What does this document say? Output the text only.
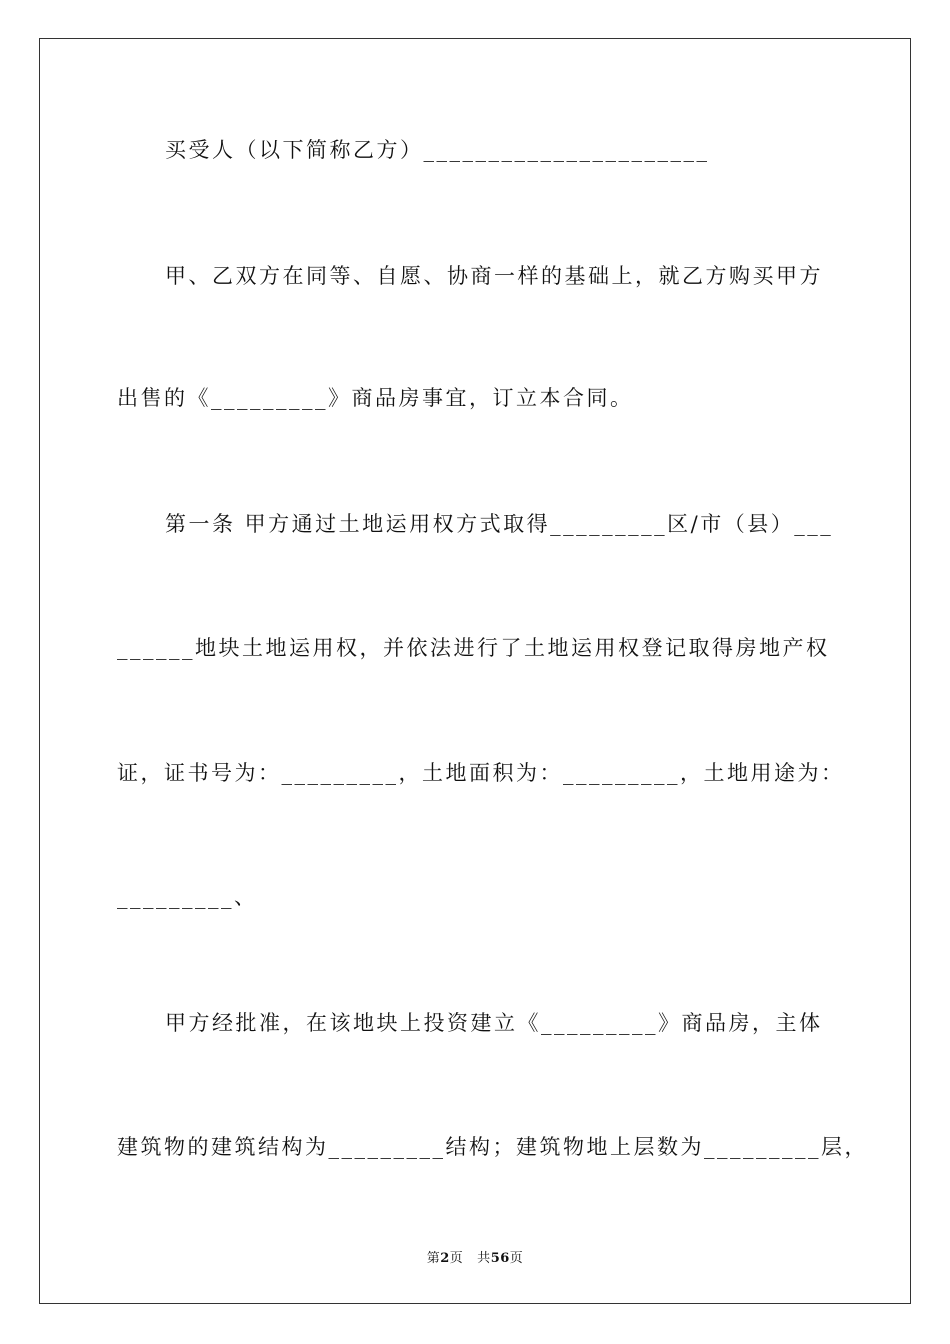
买受人（以下简称乙方）______________________
甲、乙双方在同等、自愿、协商一样的基础上，就乙方购买甲方
出售的《_________》商品房事宜，订立本合同。
第一条 甲方通过土地运用权方式取得_________区/市（县）___
______地块土地运用权，并依法进行了土地运用权登记取得房地产权
证，证书号为：_________，土地面积为：_________，土地用途为：
_________、
甲方经批准，在该地块上投资建立《_________》商品房，主体
建筑物的建筑结构为_________结构；建筑物地上层数为_________层，
第2页 共56页
